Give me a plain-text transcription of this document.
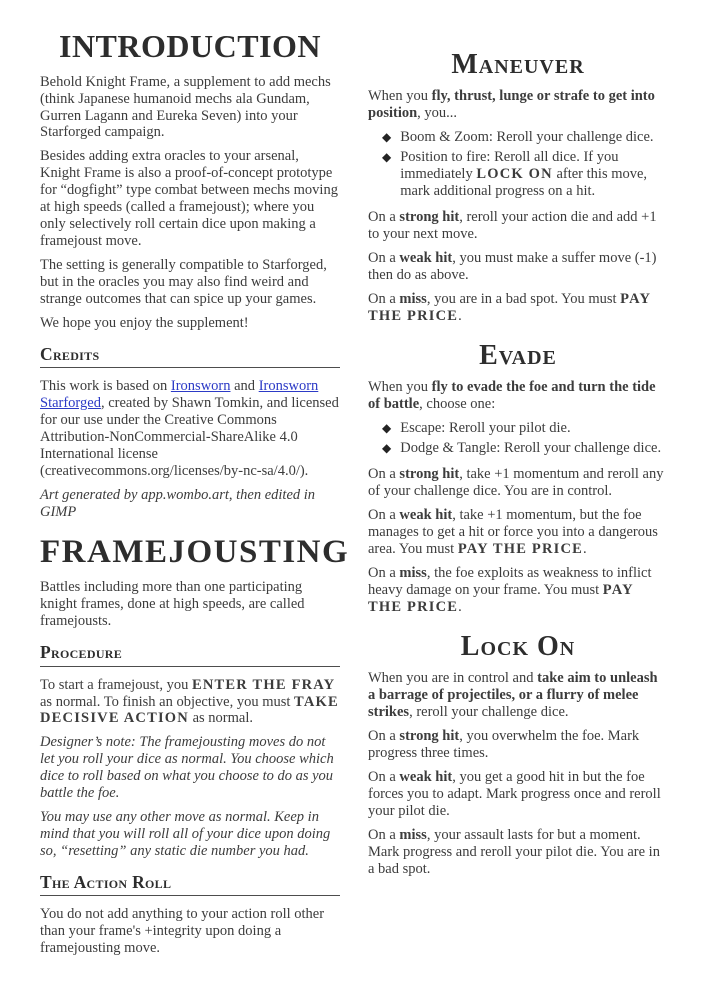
INTRODUCTION

Behold Knight Frame, a supplement to add mechs (think Japanese humanoid mechs ala Gundam, Gurren Lagann and Eureka Seven) into your Starforged campaign.

Besides adding extra oracles to your arsenal, Knight Frame is also a proof-of-concept prototype for “dogfight” type combat between mechs moving at high speeds (called a framejoust); where you only selectively roll certain dice upon making a framejoust move.

The setting is generally compatible to Starforged, but in the oracles you may also find weird and strange outcomes that can spice up your games.

We hope you enjoy the supplement!

Credits

This work is based on Ironsworn and Ironsworn Starforged, created by Shawn Tomkin, and licensed for our use under the Creative Commons Attribution-NonCommercial-ShareAlike 4.0 International license (creativecommons.org/licenses/by-nc-sa/4.0/).

Art generated by app.wombo.art, then edited in GIMP

FRAMEJOUSTING

Battles including more than one participating knight frames, done at high speeds, are called framejousts.

Procedure

To start a framejoust, you ENTER THE FRAY as normal. To finish an objective, you must TAKE DECISIVE ACTION as normal.

Designer’s note: The framejousting moves do not let you roll your dice as normal. You choose which dice to roll based on what you choose to do as you battle the foe.

You may use any other move as normal. Keep in mind that you will roll all of your dice upon doing so, “resetting” any static die number you had.

The Action Roll

You do not add anything to your action roll other than your frame's +integrity upon doing a framejousting move.

Maneuver

When you fly, thrust, lunge or strafe to get into position, you...

◆ Boom & Zoom: Reroll your challenge dice.
◆ Position to fire: Reroll all dice. If you immediately LOCK ON after this move, mark additional progress on a hit.

On a strong hit, reroll your action die and add +1 to your next move.

On a weak hit, you must make a suffer move (-1) then do as above.

On a miss, you are in a bad spot. You must PAY THE PRICE.

Evade

When you fly to evade the foe and turn the tide of battle, choose one:

◆ Escape: Reroll your pilot die.
◆ Dodge & Tangle: Reroll your challenge dice.

On a strong hit, take +1 momentum and reroll any of your challenge dice. You are in control.

On a weak hit, take +1 momentum, but the foe manages to get a hit or force you into a dangerous area. You must PAY THE PRICE.

On a miss, the foe exploits as weakness to inflict heavy damage on your frame. You must PAY THE PRICE.

Lock On

When you are in control and take aim to unleash a barrage of projectiles, or a flurry of melee strikes, reroll your challenge dice.

On a strong hit, you overwhelm the foe. Mark progress three times.

On a weak hit, you get a good hit in but the foe forces you to adapt. Mark progress once and reroll your pilot die.

On a miss, your assault lasts for but a moment. Mark progress and reroll your pilot die. You are in a bad spot.
